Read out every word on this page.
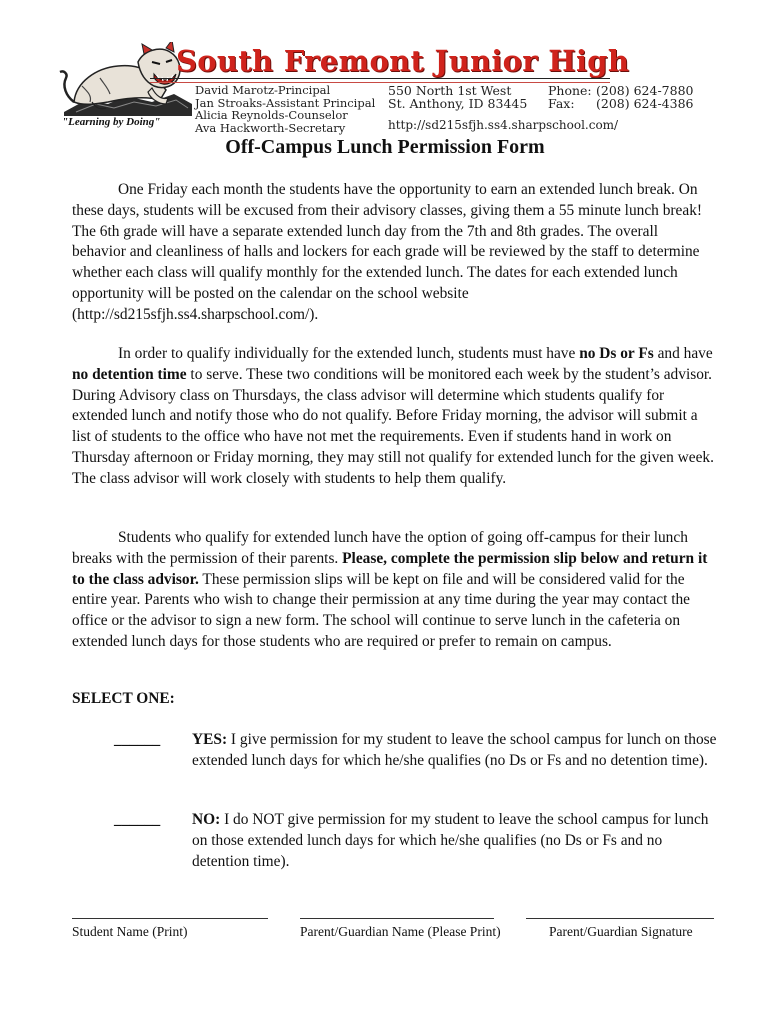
"Learning by Doing"
South Fremont Junior High
David Marotz-Principal
Jan Stroaks-Assistant Principal
Alicia Reynolds-Counselor
Ava Hackworth-Secretary
550 North 1st West
St. Anthony, ID 83445
Phone: (208) 624-7880
Fax: (208) 624-4386
http://sd215sfjh.ss4.sharpschool.com/
Off-Campus Lunch Permission Form

One Friday each month the students have the opportunity to earn an extended lunch break. On these days, students will be excused from their advisory classes, giving them a 55 minute lunch break! The 6th grade will have a separate extended lunch day from the 7th and 8th grades. The overall behavior and cleanliness of halls and lockers for each grade will be reviewed by the staff to determine whether each class will qualify monthly for the extended lunch. The dates for each extended lunch opportunity will be posted on the calendar on the school website (http://sd215sfjh.ss4.sharpschool.com/).

In order to qualify individually for the extended lunch, students must have no Ds or Fs and have no detention time to serve. These two conditions will be monitored each week by the student’s advisor. During Advisory class on Thursdays, the class advisor will determine which students qualify for extended lunch and notify those who do not qualify. Before Friday morning, the advisor will submit a list of students to the office who have not met the requirements. Even if students hand in work on Thursday afternoon or Friday morning, they may still not qualify for extended lunch for the given week. The class advisor will work closely with students to help them qualify.

Students who qualify for extended lunch have the option of going off-campus for their lunch breaks with the permission of their parents. Please, complete the permission slip below and return it to the class advisor. These permission slips will be kept on file and will be considered valid for the entire year. Parents who wish to change their permission at any time during the year may contact the office or the advisor to sign a new form. The school will continue to serve lunch in the cafeteria on extended lunch days for those students who are required or prefer to remain on campus.

SELECT ONE:
______ YES: I give permission for my student to leave the school campus for lunch on those extended lunch days for which he/she qualifies (no Ds or Fs and no detention time).
______ NO: I do NOT give permission for my student to leave the school campus for lunch on those extended lunch days for which he/she qualifies (no Ds or Fs and no detention time).
Student Name (Print)	Parent/Guardian Name (Please Print)	Parent/Guardian Signature
